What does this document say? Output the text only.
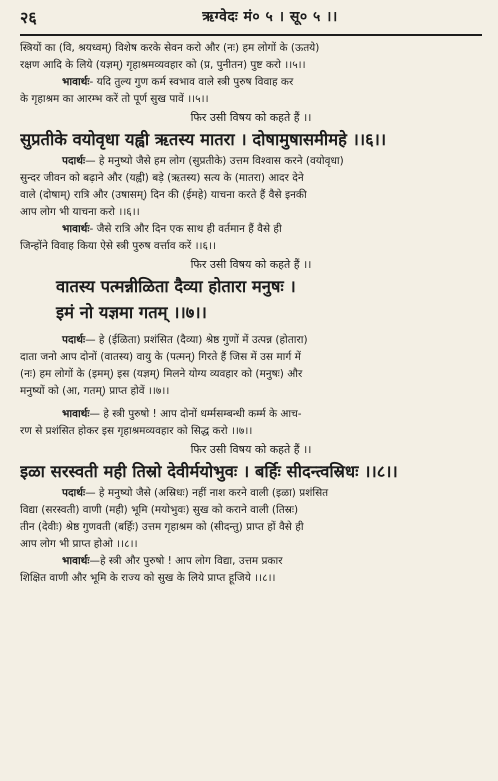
२६	ऋग्वेदः मं० ५ । सू० ५ ।।
स्त्रियों का (वि, श्रयध्वम्) विशेष करके सेवन करो और (नः) हम लोगों के (ऊतये)
रक्षण आदि के लिये (यज्ञम्) गृहाश्रमव्यवहार को (प्र, पुनीतन) पुष्ट करो ।।५।।
भावार्थः- यदि तुल्य गुण कर्म स्वभाव वाले स्त्री पुरुष विवाह कर
के गृहाश्रम का आरम्भ करें तो पूर्ण सुख पावें ।।५।।
फिर उसी विषय को कहते हैं ।।
सुप्रतीके वयोवृधा यह्वी ऋतस्य मातरा । दोषामुषासमीमहे ।।६।।
पदार्थः— हे मनुष्यो जैसे हम लोग (सुप्रतीके) उत्तम विश्वास करने (वयोवृधा)
सुन्दर जीवन को बढ़ाने और (यह्वी) बड़े (ऋतस्य) सत्य के (मातरा) आदर देने
वाले (दोषाम्) रात्रि और (उषासम्) दिन की (ईमहे) याचना करते हैं वैसे इनकी
आप लोग भी याचना करो ।।६।।
भावार्थः- जैसे रात्रि और दिन एक साथ ही वर्तमान हैं वैसे ही
जिन्होंने विवाह किया ऐसे स्त्री पुरुष वर्त्ताव करें ।।६।।
फिर उसी विषय को कहते हैं ।।
वातस्य पत्मन्नीळिता दैव्या होतारा मनुषः ।
इमं नो यज्ञमा गतम् ।।७।।
पदार्थः— हे (ईळिता) प्रशंसित (दैव्या) श्रेष्ठ गुणों में उत्पन्न (होतारा)
दाता जनो आप दोनों (वातस्य) वायु के (पत्मन्) गिरते हैं जिस में उस मार्ग में
(नः) हम लोगों के (इमम्) इस (यज्ञम्) मिलने योग्य व्यवहार को (मनुषः) और
मनुष्यों को (आ, गतम्) प्राप्त होवें ।।७।।
भावार्थः— हे स्त्री पुरुषो ! आप दोनों धर्म्मसम्बन्धी कर्म्म के आच-
रण से प्रशंसित होकर इस गृहाश्रमव्यवहार को सिद्ध करो ।।७।।
फिर उसी विषय को कहते हैं ।।
इळा सरस्वती मही तिस्रो देवीर्मयोभुवः । बर्हिः सीदन्त्वस्रिधः ।।८।।
पदार्थः— हे मनुष्यो जैसे (अस्रिधः) नहीं नाश करने वाली (इळा) प्रशंसित
विद्या (सरस्वती) वाणी (मही) भूमि (मयोभुवः) सुख को कराने वाली (तिस्रः)
तीन (देवीः) श्रेष्ठ गुणवती (बर्हिः) उत्तम गृहाश्रम को (सीदन्तु) प्राप्त हों वैसे ही
आप लोग भी प्राप्त होओ ।।८।।
भावार्थः—हे स्त्री और पुरुषो ! आप लोग विद्या, उत्तम प्रकार
शिक्षित वाणी और भूमि के राज्य को सुख के लिये प्राप्त हूजिये ।।८।।
